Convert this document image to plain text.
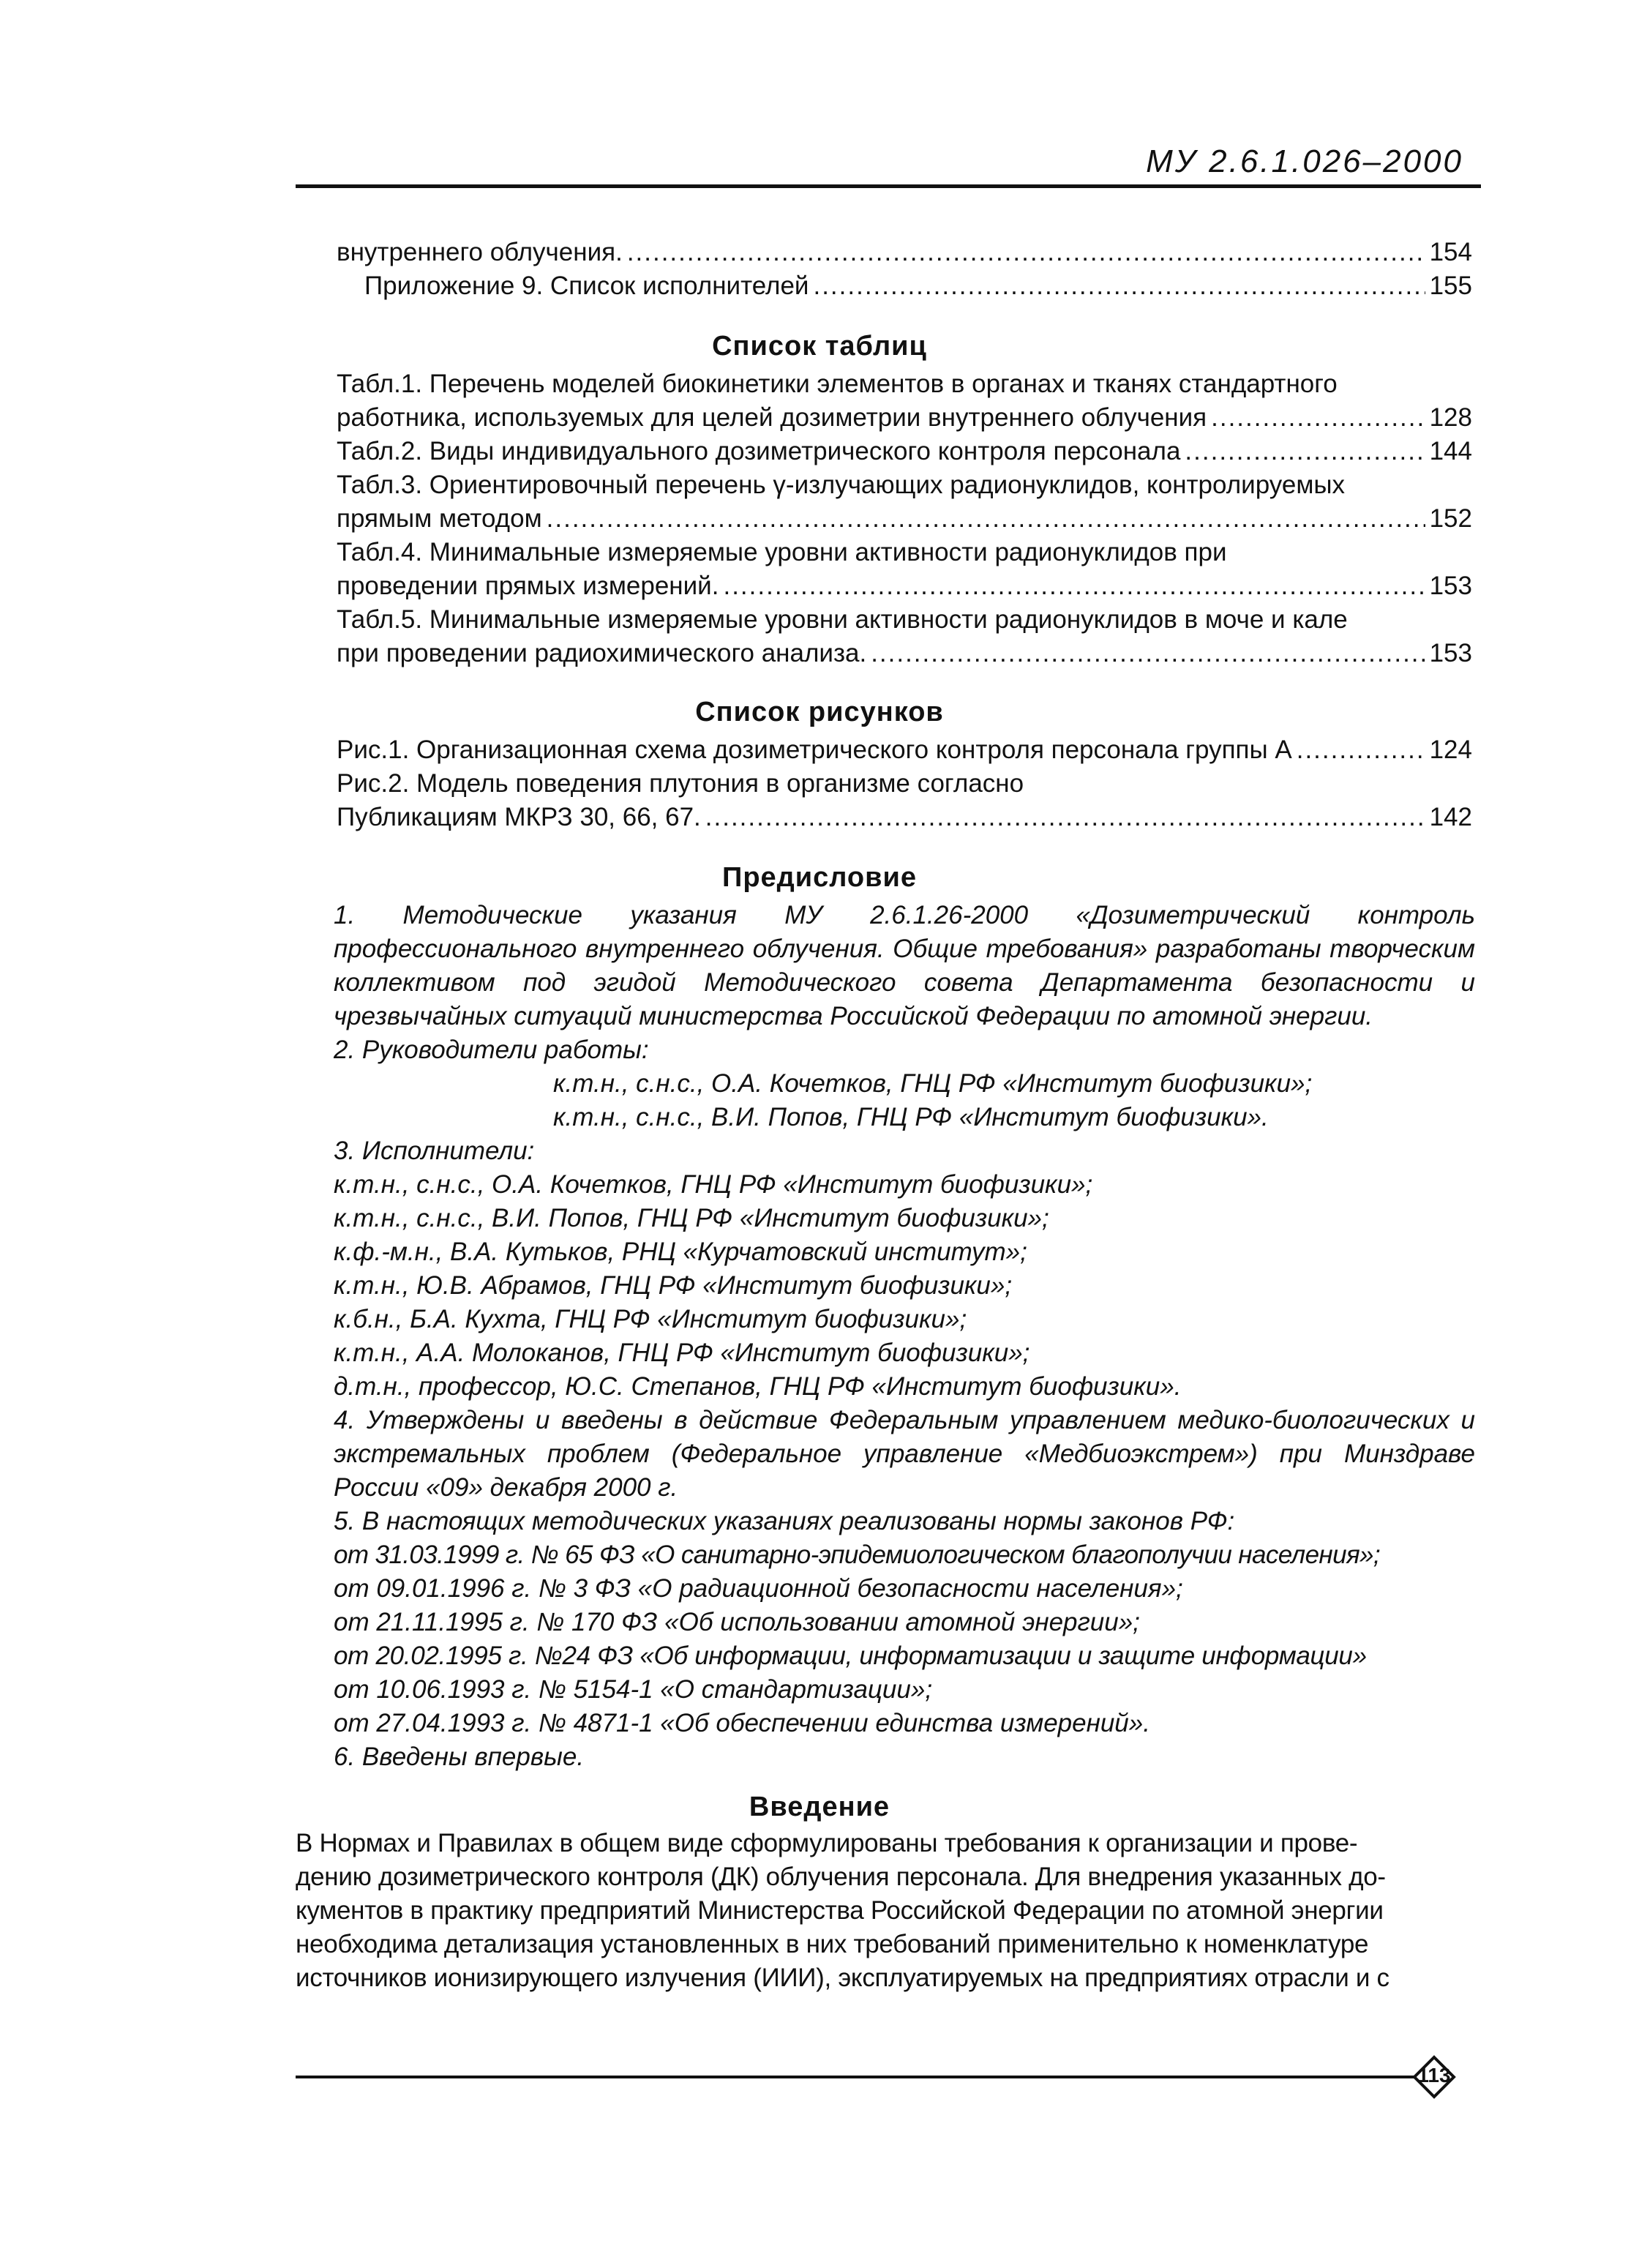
МУ 2.6.1.026–2000
внутреннего облучения. .....	154
Приложение 9. Список исполнителей .....	155
Список таблиц
Табл.1. Перечень моделей биокинетики элементов в органах и тканях стандартного
работника, используемых для целей дозиметрии внутреннего облучения .....	128
Табл.2. Виды индивидуального дозиметрического контроля персонала .....	144
Табл.3. Ориентировочный перечень γ-излучающих радионуклидов, контролируемых
прямым методом .....	152
Табл.4. Минимальные измеряемые уровни активности радионуклидов при
проведении прямых измерений. .....	153
Табл.5. Минимальные измеряемые уровни активности радионуклидов в моче и кале
при проведении радиохимического анализа. .....	153
Список рисунков
Рис.1. Организационная схема дозиметрического контроля персонала группы А .....	124
Рис.2. Модель поведения плутония в организме согласно
Публикациям МКРЗ 30, 66, 67. .....	142
Предисловие
1. Методические указания МУ 2.6.1.26-2000 «Дозиметрический контроль профессионального внутреннего облучения. Общие требования» разработаны творческим коллективом под эгидой Методического совета Департамента безопасности и чрезвычайных ситуаций министерства Российской Федерации по атомной энергии.
2. Руководители работы:
к.т.н., с.н.с., О.А. Кочетков, ГНЦ РФ «Институт биофизики»;
к.т.н., с.н.с., В.И. Попов, ГНЦ РФ «Институт биофизики».
3. Исполнители:
к.т.н., с.н.с., О.А. Кочетков, ГНЦ РФ «Институт биофизики»;
к.т.н., с.н.с., В.И. Попов, ГНЦ РФ «Институт биофизики»;
к.ф.-м.н., В.А. Кутьков, РНЦ «Курчатовский институт»;
к.т.н., Ю.В. Абрамов, ГНЦ РФ «Институт биофизики»;
к.б.н., Б.А. Кухта, ГНЦ РФ «Институт биофизики»;
к.т.н., А.А. Молоканов, ГНЦ РФ «Институт биофизики»;
д.т.н., профессор, Ю.С. Степанов, ГНЦ РФ «Институт биофизики».
4. Утверждены и введены в действие Федеральным управлением медико-биологических и экстремальных проблем (Федеральное управление «Медбиоэкстрем») при Минздраве России «09» декабря 2000 г.
5. В настоящих методических указаниях реализованы нормы законов РФ:
от 31.03.1999 г. № 65 ФЗ «О санитарно-эпидемиологическом благополучии населения»;
от 09.01.1996 г. № 3 ФЗ «О радиационной безопасности населения»;
от 21.11.1995 г. № 170 ФЗ «Об использовании атомной энергии»;
от 20.02.1995 г. №24 ФЗ «Об информации, информатизации и защите информации»
от 10.06.1993 г. № 5154-1 «О стандартизации»;
от 27.04.1993 г. № 4871-1 «Об обеспечении единства измерений».
6. Введены впервые.
Введение
В Нормах и Правилах в общем виде сформулированы требования к организации и прове-
дению дозиметрического контроля (ДК) облучения персонала. Для внедрения указанных до-
кументов в практику предприятий Министерства Российской Федерации по атомной энергии
необходима детализация установленных в них требований применительно к номенклатуре
источников ионизирующего излучения (ИИИ), эксплуатируемых на предприятиях отрасли и с
113
